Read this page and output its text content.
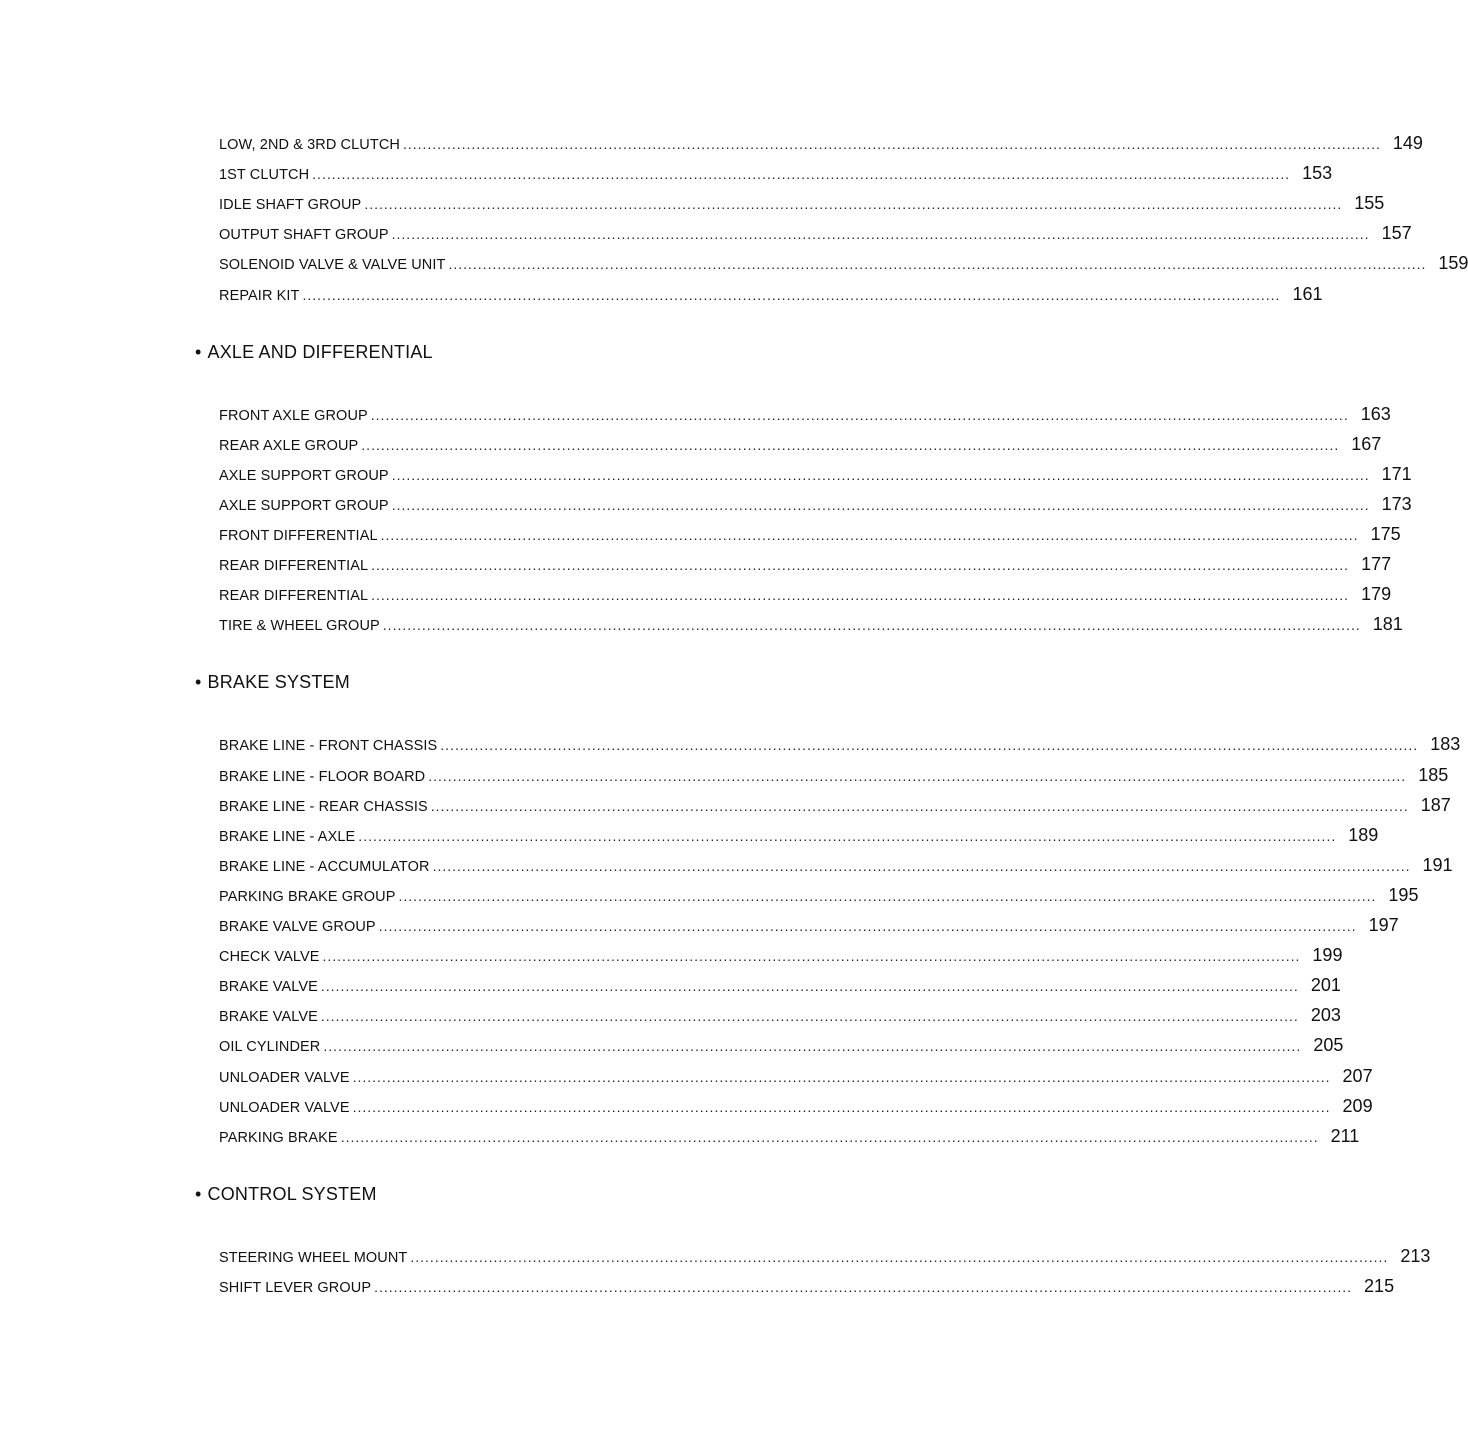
LOW, 2ND & 3RD CLUTCH ........................................................................................................................................................................................................ 149
1ST CLUTCH ........................................................................................................................................................................................................ 153
IDLE SHAFT GROUP ........................................................................................................................................................................................................ 155
OUTPUT SHAFT GROUP ........................................................................................................................................................................................................ 157
SOLENOID VALVE & VALVE UNIT ........................................................................................................................................................................................................ 159
REPAIR KIT ........................................................................................................................................................................................................ 161
• AXLE AND DIFFERENTIAL
FRONT AXLE GROUP ........................................................................................................................................................................................................ 163
REAR AXLE GROUP ........................................................................................................................................................................................................ 167
AXLE SUPPORT GROUP ........................................................................................................................................................................................................ 171
AXLE SUPPORT GROUP ........................................................................................................................................................................................................ 173
FRONT DIFFERENTIAL ........................................................................................................................................................................................................ 175
REAR DIFFERENTIAL ........................................................................................................................................................................................................ 177
REAR DIFFERENTIAL ........................................................................................................................................................................................................ 179
TIRE & WHEEL GROUP ........................................................................................................................................................................................................ 181
• BRAKE SYSTEM
BRAKE LINE - FRONT CHASSIS ........................................................................................................................................................................................................ 183
BRAKE LINE - FLOOR BOARD ........................................................................................................................................................................................................ 185
BRAKE LINE - REAR CHASSIS ........................................................................................................................................................................................................ 187
BRAKE LINE - AXLE ........................................................................................................................................................................................................ 189
BRAKE LINE - ACCUMULATOR ........................................................................................................................................................................................................ 191
PARKING BRAKE GROUP ........................................................................................................................................................................................................ 195
BRAKE VALVE GROUP ........................................................................................................................................................................................................ 197
CHECK VALVE ........................................................................................................................................................................................................ 199
BRAKE VALVE ........................................................................................................................................................................................................ 201
BRAKE VALVE ........................................................................................................................................................................................................ 203
OIL CYLINDER ........................................................................................................................................................................................................ 205
UNLOADER VALVE ........................................................................................................................................................................................................ 207
UNLOADER VALVE ........................................................................................................................................................................................................ 209
PARKING BRAKE ........................................................................................................................................................................................................ 211
• CONTROL SYSTEM
STEERING WHEEL MOUNT ........................................................................................................................................................................................................ 213
SHIFT LEVER GROUP ........................................................................................................................................................................................................ 215
